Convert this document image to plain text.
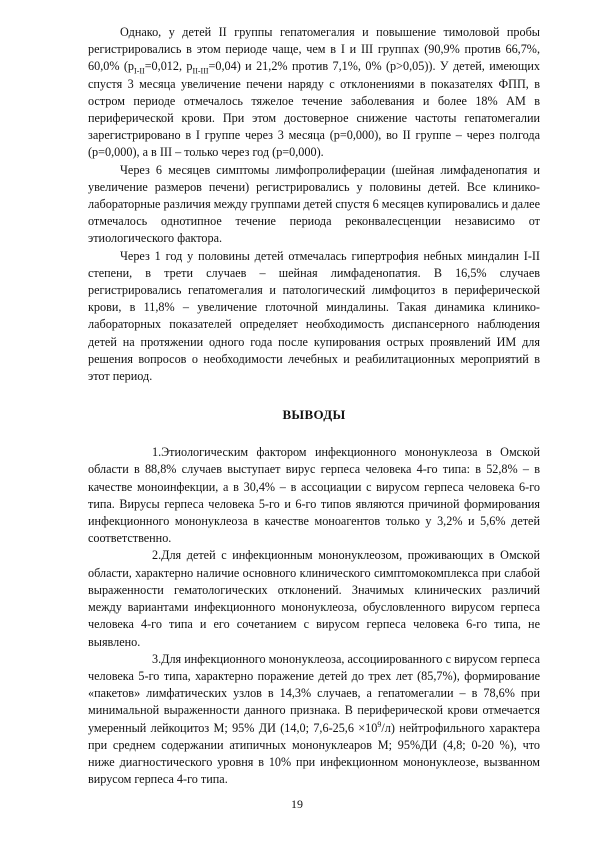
Однако, у детей II группы гепатомегалия и повышение тимоловой пробы регистрировались в этом периоде чаще, чем в I и III группах (90,9% против 66,7%, 60,0% ($p_{I-II}=0,012$, $p_{II-III}=0,04$) и 21,2% против 7,1%, 0% (p>0,05)). У детей, имеющих спустя 3 месяца увеличение печени наряду с отклонениями в показателях ФПП, в остром периоде отмечалось тяжелое течение заболевания и более 18% АМ в периферической крови. При этом достоверное снижение частоты гепатомегалии зарегистрировано в I группе через 3 месяца (p=0,000), во II группе – через полгода (p=0,000), а в III – только через год (p=0,000).

Через 6 месяцев симптомы лимфопролиферации (шейная лимфаденопатия и увеличение размеров печени) регистрировались у половины детей. Все клинико-лабораторные различия между группами детей спустя 6 месяцев купировались и далее отмечалось однотипное течение периода реконвалесценции независимо от этиологического фактора.

Через 1 год у половины детей отмечалась гипертрофия небных миндалин I-II степени, в трети случаев – шейная лимфаденопатия. В 16,5% случаев регистрировались гепатомегалия и патологический лимфоцитоз в периферической крови, в 11,8% – увеличение глоточной миндалины. Такая динамика клинико-лабораторных показателей определяет необходимость диспансерного наблюдения детей на протяжении одного года после купирования острых проявлений ИМ для решения вопросов о необходимости лечебных и реабилитационных мероприятий в этот период.

ВЫВОДЫ

1.Этиологическим фактором инфекционного мононуклеоза в Омской области в 88,8% случаев выступает вирус герпеса человека 4-го типа: в 52,8% – в качестве моноинфекции, а в 30,4% – в ассоциации с вирусом герпеса человека 6-го типа. Вирусы герпеса человека 5-го и 6-го типов являются причиной формирования инфекционного мононуклеоза в качестве моноагентов только у 3,2% и 5,6% детей соответственно.

2.Для детей с инфекционным мононуклеозом, проживающих в Омской области, характерно наличие основного клинического симптомокомплекса при слабой выраженности гематологических отклонений. Значимых клинических различий между вариантами инфекционного мононуклеоза, обусловленного вирусом герпеса человека 4-го типа и его сочетанием с вирусом герпеса человека 6-го типа, не выявлено.

3.Для инфекционного мононуклеоза, ассоциированного с вирусом герпеса человека 5-го типа, характерно поражение детей до трех лет (85,7%), формирование «пакетов» лимфатических узлов в 14,3% случаев, а гепатомегалии – в 78,6% при минимальной выраженности данного признака. В периферической крови отмечается умеренный лейкоцитоз М; 95% ДИ (14,0; $7,6-25,6 \times 10^9/л$) нейтрофильного характера при среднем содержании атипичных мононуклеаров М; 95%ДИ (4,8; 0-20 %), что ниже диагностического уровня в 10% при инфекционном мононуклеозе, вызванном вирусом герпеса 4-го типа.

19
